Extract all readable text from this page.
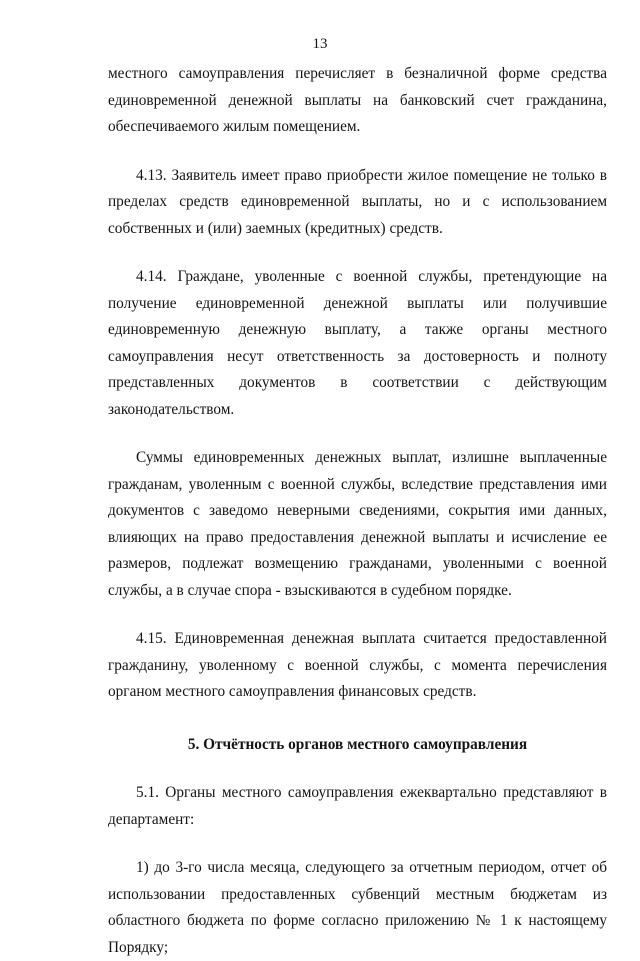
13

местного самоуправления перечисляет в безналичной форме средства единовременной денежной выплаты на банковский счет гражданина, обеспечиваемого жилым помещением.

4.13. Заявитель имеет право приобрести жилое помещение не только в пределах средств единовременной выплаты, но и с использованием собственных и (или) заемных (кредитных) средств.

4.14. Граждане, уволенные с военной службы, претендующие на получение единовременной денежной выплаты или получившие единовременную денежную выплату, а также органы местного самоуправления несут ответственность за достоверность и полноту представленных документов в соответствии с действующим законодательством.

Суммы единовременных денежных выплат, излишне выплаченные гражданам, уволенным с военной службы, вследствие представления ими документов с заведомо неверными сведениями, сокрытия ими данных, влияющих на право предоставления денежной выплаты и исчисление ее размеров, подлежат возмещению гражданами, уволенными с военной службы, а в случае спора - взыскиваются в судебном порядке.

4.15. Единовременная денежная выплата считается предоставленной гражданину, уволенному с военной службы, с момента перечисления органом местного самоуправления финансовых средств.

5. Отчётность органов местного самоуправления

5.1. Органы местного самоуправления ежеквартально представляют в департамент:

1) до 3-го числа месяца, следующего за отчетным периодом, отчет об использовании предоставленных субвенций местным бюджетам из областного бюджета по форме согласно приложению № 1 к настоящему Порядку;
